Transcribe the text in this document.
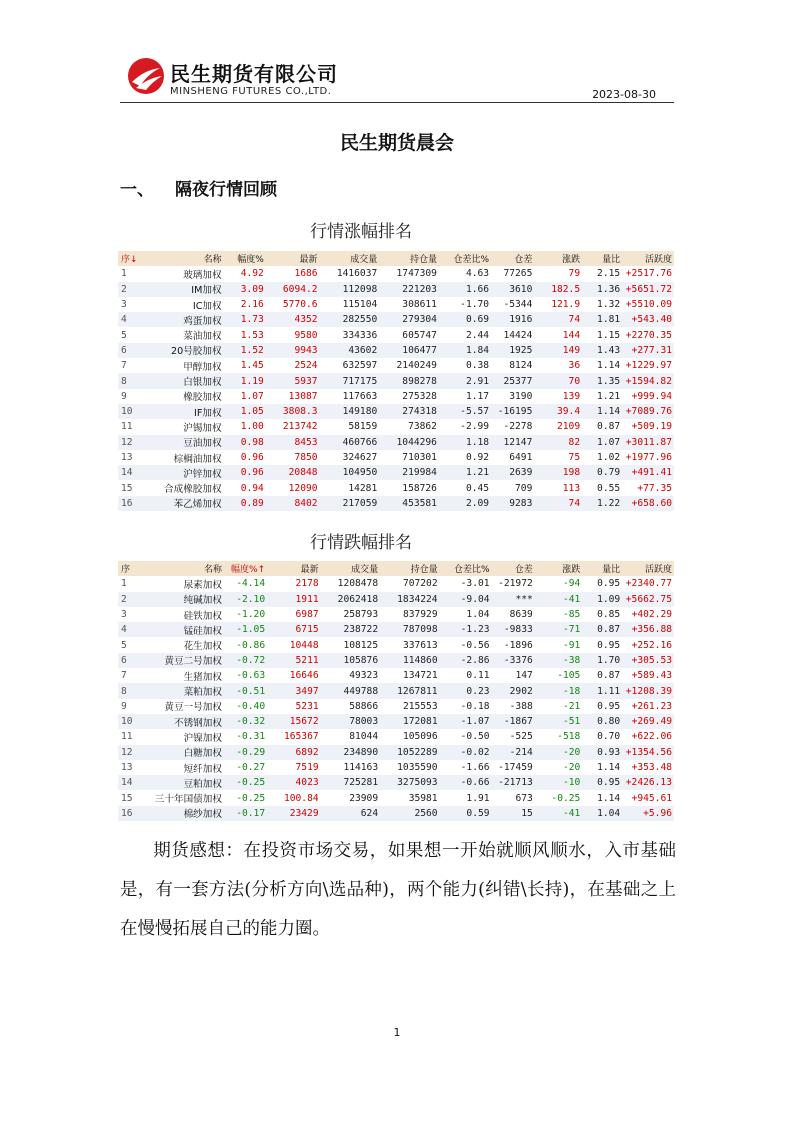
民生期货有限公司
MINSHENG FUTURES CO.,LTD.	2023-08-30
民生期货晨会
一、 隔夜行情回顾
行情涨幅排名
序↓	名称	幅度%	最新	成交量	持仓量	仓差比%	仓差	涨跌	量比	活跃度
1	玻璃加权	4.92	1686	1416037	1747309	4.63	77265	79	2.15	+2517.76
2	IM加权	3.09	6094.2	112098	221203	1.66	3610	182.5	1.36	+5651.72
3	IC加权	2.16	5770.6	115104	308611	-1.70	-5344	121.9	1.32	+5510.09
4	鸡蛋加权	1.73	4352	282550	279304	0.69	1916	74	1.81	+543.40
5	菜油加权	1.53	9580	334336	605747	2.44	14424	144	1.15	+2270.35
6	20号胶加权	1.52	9943	43602	106477	1.84	1925	149	1.43	+277.31
7	甲醇加权	1.45	2524	632597	2140249	0.38	8124	36	1.14	+1229.97
8	白银加权	1.19	5937	717175	898278	2.91	25377	70	1.35	+1594.82
9	橡胶加权	1.07	13087	117663	275328	1.17	3190	139	1.21	+999.94
10	IF加权	1.05	3808.3	149180	274318	-5.57	-16195	39.4	1.14	+7089.76
11	沪锡加权	1.00	213742	58159	73862	-2.99	-2278	2109	0.87	+509.19
12	豆油加权	0.98	8453	460766	1044296	1.18	12147	82	1.07	+3011.87
13	棕榈油加权	0.96	7850	324627	710301	0.92	6491	75	1.02	+1977.96
14	沪锌加权	0.96	20848	104950	219984	1.21	2639	198	0.79	+491.41
15	合成橡胶加权	0.94	12090	14281	158726	0.45	709	113	0.55	+77.35
16	苯乙烯加权	0.89	8402	217059	453581	2.09	9283	74	1.22	+658.60
行情跌幅排名
序	名称	幅度%↑	最新	成交量	持仓量	仓差比%	仓差	涨跌	量比	活跃度
1	尿素加权	-4.14	2178	1208478	707202	-3.01	-21972	-94	0.95	+2340.77
2	纯碱加权	-2.10	1911	2062418	1834224	-9.04	***	-41	1.09	+5662.75
3	硅铁加权	-1.20	6987	258793	837929	1.04	8639	-85	0.85	+402.29
4	锰硅加权	-1.05	6715	238722	787098	-1.23	-9833	-71	0.87	+356.88
5	花生加权	-0.86	10448	108125	337613	-0.56	-1896	-91	0.95	+252.16
6	黄豆二号加权	-0.72	5211	105876	114860	-2.86	-3376	-38	1.70	+305.53
7	生猪加权	-0.63	16646	49323	134721	0.11	147	-105	0.87	+589.43
8	菜粕加权	-0.51	3497	449788	1267811	0.23	2902	-18	1.11	+1208.39
9	黄豆一号加权	-0.40	5231	58866	215553	-0.18	-388	-21	0.95	+261.23
10	不锈钢加权	-0.32	15672	78003	172081	-1.07	-1867	-51	0.80	+269.49
11	沪镍加权	-0.31	165367	81044	105096	-0.50	-525	-518	0.70	+622.06
12	白糖加权	-0.29	6892	234890	1052289	-0.02	-214	-20	0.93	+1354.56
13	短纤加权	-0.27	7519	114163	1035590	-1.66	-17459	-20	1.14	+353.48
14	豆粕加权	-0.25	4023	725281	3275093	-0.66	-21713	-10	0.95	+2426.13
15	三十年国债加权	-0.25	100.84	23909	35981	1.91	673	-0.25	1.14	+945.61
16	棉纱加权	-0.17	23429	624	2560	0.59	15	-41	1.04	+5.96
期货感想：在投资市场交易，如果想一开始就顺风顺水，入市基础是，有一套方法(分析方向\选品种)，两个能力(纠错\长持)，在基础之上在慢慢拓展自己的能力圈。
1
